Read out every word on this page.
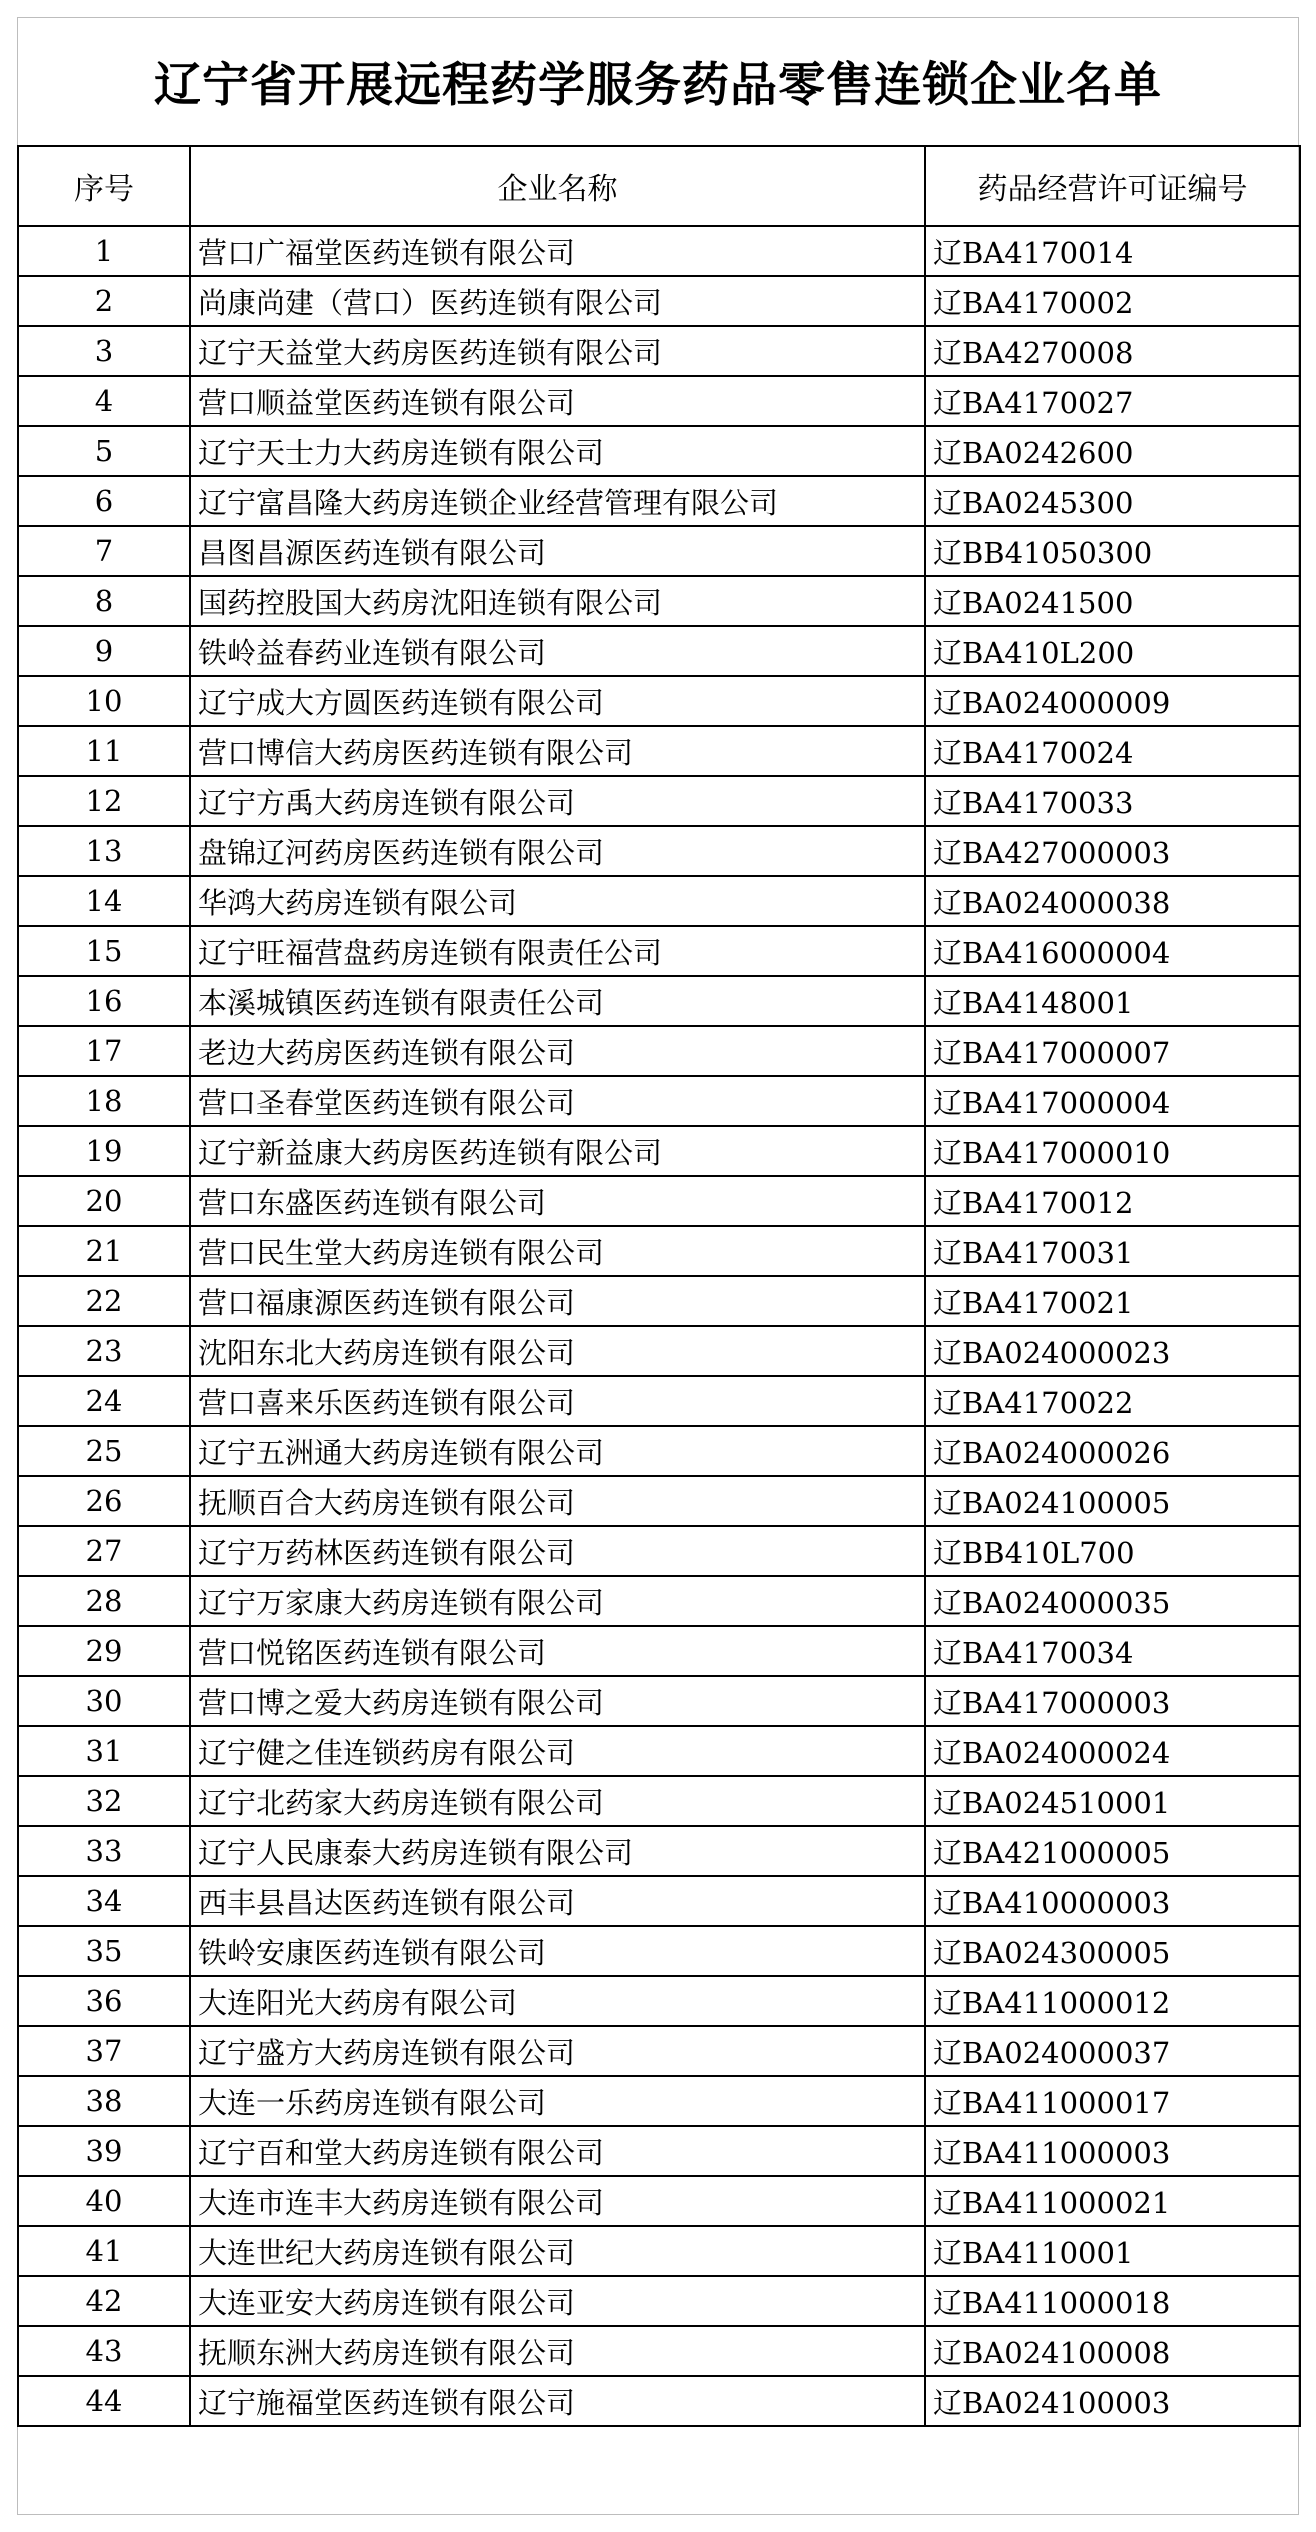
辽宁省开展远程药学服务药品零售连锁企业名单
序号	企业名称	药品经营许可证编号
1	营口广福堂医药连锁有限公司	辽BA4170014
2	尚康尚建（营口）医药连锁有限公司	辽BA4170002
3	辽宁天益堂大药房医药连锁有限公司	辽BA4270008
4	营口顺益堂医药连锁有限公司	辽BA4170027
5	辽宁天士力大药房连锁有限公司	辽BA0242600
6	辽宁富昌隆大药房连锁企业经营管理有限公司	辽BA0245300
7	昌图昌源医药连锁有限公司	辽BB41050300
8	国药控股国大药房沈阳连锁有限公司	辽BA0241500
9	铁岭益春药业连锁有限公司	辽BA410L200
10	辽宁成大方圆医药连锁有限公司	辽BA024000009
11	营口博信大药房医药连锁有限公司	辽BA4170024
12	辽宁方禹大药房连锁有限公司	辽BA4170033
13	盘锦辽河药房医药连锁有限公司	辽BA427000003
14	华鸿大药房连锁有限公司	辽BA024000038
15	辽宁旺福营盘药房连锁有限责任公司	辽BA416000004
16	本溪城镇医药连锁有限责任公司	辽BA4148001
17	老边大药房医药连锁有限公司	辽BA417000007
18	营口圣春堂医药连锁有限公司	辽BA417000004
19	辽宁新益康大药房医药连锁有限公司	辽BA417000010
20	营口东盛医药连锁有限公司	辽BA4170012
21	营口民生堂大药房连锁有限公司	辽BA4170031
22	营口福康源医药连锁有限公司	辽BA4170021
23	沈阳东北大药房连锁有限公司	辽BA024000023
24	营口喜来乐医药连锁有限公司	辽BA4170022
25	辽宁五洲通大药房连锁有限公司	辽BA024000026
26	抚顺百合大药房连锁有限公司	辽BA024100005
27	辽宁万药林医药连锁有限公司	辽BB410L700
28	辽宁万家康大药房连锁有限公司	辽BA024000035
29	营口悦铭医药连锁有限公司	辽BA4170034
30	营口博之爱大药房连锁有限公司	辽BA417000003
31	辽宁健之佳连锁药房有限公司	辽BA024000024
32	辽宁北药家大药房连锁有限公司	辽BA024510001
33	辽宁人民康泰大药房连锁有限公司	辽BA421000005
34	西丰县昌达医药连锁有限公司	辽BA410000003
35	铁岭安康医药连锁有限公司	辽BA024300005
36	大连阳光大药房有限公司	辽BA411000012
37	辽宁盛方大药房连锁有限公司	辽BA024000037
38	大连一乐药房连锁有限公司	辽BA411000017
39	辽宁百和堂大药房连锁有限公司	辽BA411000003
40	大连市连丰大药房连锁有限公司	辽BA411000021
41	大连世纪大药房连锁有限公司	辽BA4110001
42	大连亚安大药房连锁有限公司	辽BA411000018
43	抚顺东洲大药房连锁有限公司	辽BA024100008
44	辽宁施福堂医药连锁有限公司	辽BA024100003
